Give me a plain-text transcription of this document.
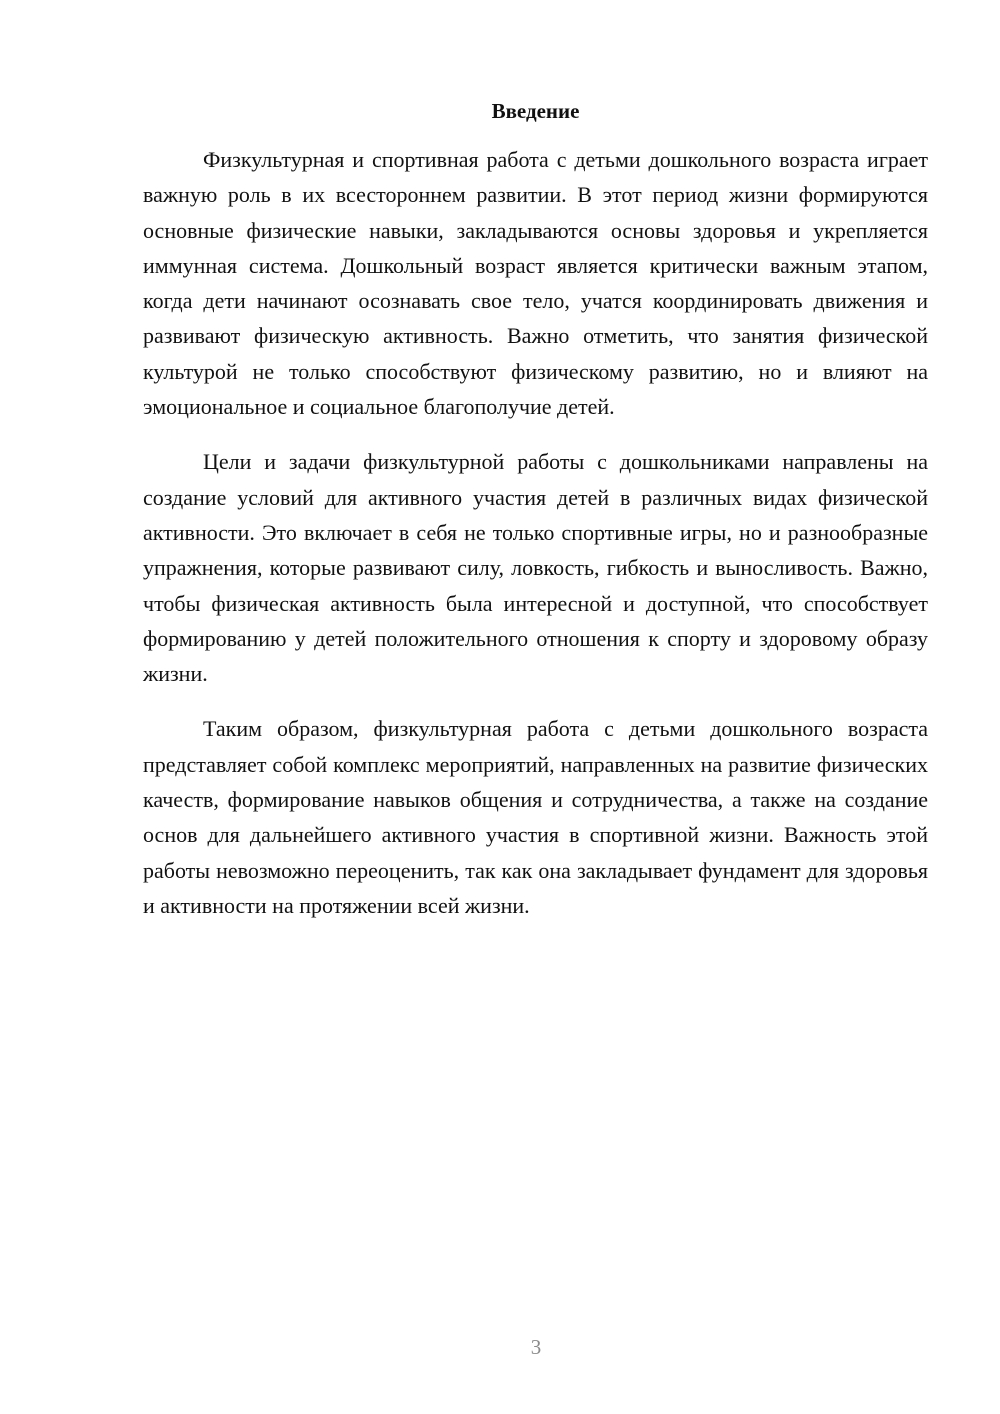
Введение

Физкультурная и спортивная работа с детьми дошкольного возраста играет важную роль в их всестороннем развитии. В этот период жизни формируются основные физические навыки, закладываются основы здоровья и укрепляется иммунная система. Дошкольный возраст является критически важным этапом, когда дети начинают осознавать свое тело, учатся координировать движения и развивают физическую активность. Важно отметить, что занятия физической культурой не только способствуют физическому развитию, но и влияют на эмоциональное и социальное благополучие детей.

Цели и задачи физкультурной работы с дошкольниками направлены на создание условий для активного участия детей в различных видах физической активности. Это включает в себя не только спортивные игры, но и разнообразные упражнения, которые развивают силу, ловкость, гибкость и выносливость. Важно, чтобы физическая активность была интересной и доступной, что способствует формированию у детей положительного отношения к спорту и здоровому образу жизни.

Таким образом, физкультурная работа с детьми дошкольного возраста представляет собой комплекс мероприятий, направленных на развитие физических качеств, формирование навыков общения и сотрудничества, а также на создание основ для дальнейшего активного участия в спортивной жизни. Важность этой работы невозможно переоценить, так как она закладывает фундамент для здоровья и активности на протяжении всей жизни.

3
